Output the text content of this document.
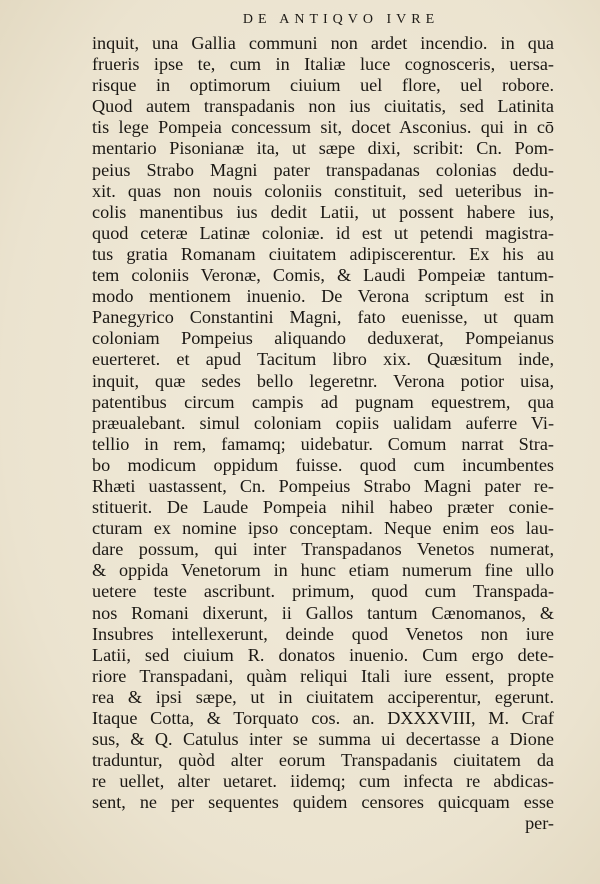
DE ANTIQVO IVRE
inquit, una Gallia communi non ardet incendio. in qua
frueris ipse te, cum in Italiæ luce cognosceris, uersa-
risque in optimorum ciuium uel flore, uel robore.
Quod autem transpadanis non ius ciuitatis, sed Latinita
tis lege Pompeia concessum sit, docet Asconius. qui in cō
mentario Pisonianæ ita, ut sæpe dixi, scribit: Cn. Pom-
peius Strabo Magni pater transpadanas colonias dedu-
xit. quas non nouis coloniis constituit, sed ueteribus in-
colis manentibus ius dedit Latii, ut possent habere ius,
quod ceteræ Latinæ coloniæ. id est ut petendi magistra-
tus gratia Romanam ciuitatem adipiscerentur. Ex his au
tem coloniis Veronæ, Comis, & Laudi Pompeiæ tantum-
modo mentionem inuenio. De Verona scriptum est in
Panegyrico Constantini Magni, fato euenisse, ut quam
coloniam Pompeius aliquando deduxerat, Pompeianus
euerteret. et apud Tacitum libro xix. Quæsitum inde,
inquit, quæ sedes bello legeretnr. Verona potior uisa,
patentibus circum campis ad pugnam equestrem, qua
præualebant. simul coloniam copiis ualidam auferre Vi-
tellio in rem, famamq; uidebatur. Comum narrat Stra-
bo modicum oppidum fuisse. quod cum incumbentes
Rhæti uastassent, Cn. Pompeius Strabo Magni pater re-
stituerit. De Laude Pompeia nihil habeo præter conie-
cturam ex nomine ipso conceptam. Neque enim eos lau-
dare possum, qui inter Transpadanos Venetos numerat,
& oppida Venetorum in hunc etiam numerum fine ullo
uetere teste ascribunt. primum, quod cum Transpada-
nos Romani dixerunt, ii Gallos tantum Cænomanos, &
Insubres intellexerunt, deinde quod Venetos non iure
Latii, sed ciuium R. donatos inuenio. Cum ergo dete-
riore Transpadani, quàm reliqui Itali iure essent, propte
rea & ipsi sæpe, ut in ciuitatem acciperentur, egerunt.
Itaque Cotta, & Torquato cos. an. DXXXVIII, M. Craf
sus, & Q. Catulus inter se summa ui decertasse a Dione
traduntur, quòd alter eorum Transpadanis ciuitatem da
re uellet, alter uetaret. iidemq; cum infecta re abdicas-
sent, ne per sequentes quidem censores quicquam esse
per-
